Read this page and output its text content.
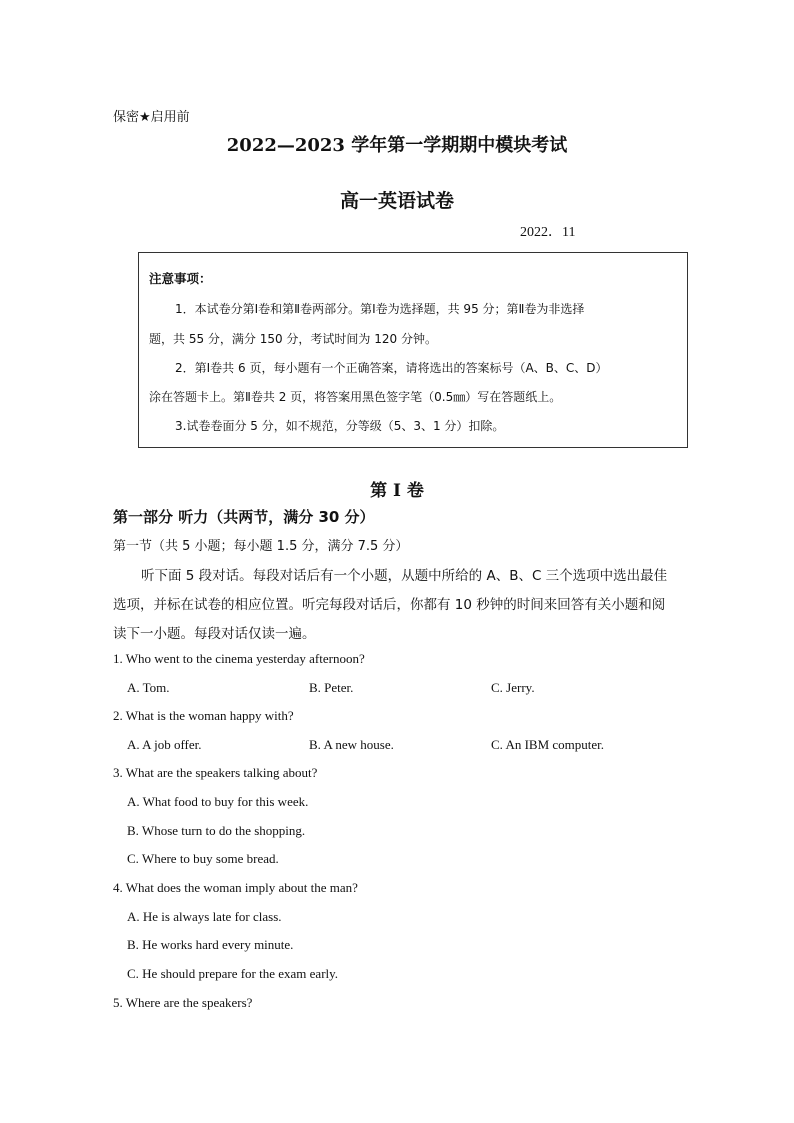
保密★启用前
2022—2023 学年第一学期期中模块考试
高一英语试卷
2022．11
注意事项：
1．本试卷分第Ⅰ卷和第Ⅱ卷两部分。第Ⅰ卷为选择题，共 95 分；第Ⅱ卷为非选择
题，共 55 分，满分 150 分，考试时间为 120 分钟。
2．第Ⅰ卷共 6 页，每小题有一个正确答案，请将选出的答案标号（A、B、C、D）
涂在答题卡上。第Ⅱ卷共 2 页，将答案用黑色签字笔（0.5㎜）写在答题纸上。
3.试卷卷面分 5 分，如不规范，分等级（5、3、1 分）扣除。
第 I 卷
第一部分 听力（共两节，满分 30 分）
第一节（共 5 小题；每小题 1.5 分，满分 7.5 分）
听下面 5 段对话。每段对话后有一个小题，从题中所给的 A、B、C 三个选项中选出最佳
选项，并标在试卷的相应位置。听完每段对话后，你都有 10 秒钟的时间来回答有关小题和阅
读下一小题。每段对话仅读一遍。
1. Who went to the cinema yesterday afternoon?
A. Tom.	B. Peter.	C. Jerry.
2. What is the woman happy with?
A. A job offer.	B. A new house.	C. An IBM computer.
3. What are the speakers talking about?
A. What food to buy for this week.
B. Whose turn to do the shopping.
C. Where to buy some bread.
4. What does the woman imply about the man?
A. He is always late for class.
B. He works hard every minute.
C. He should prepare for the exam early.
5. Where are the speakers?
